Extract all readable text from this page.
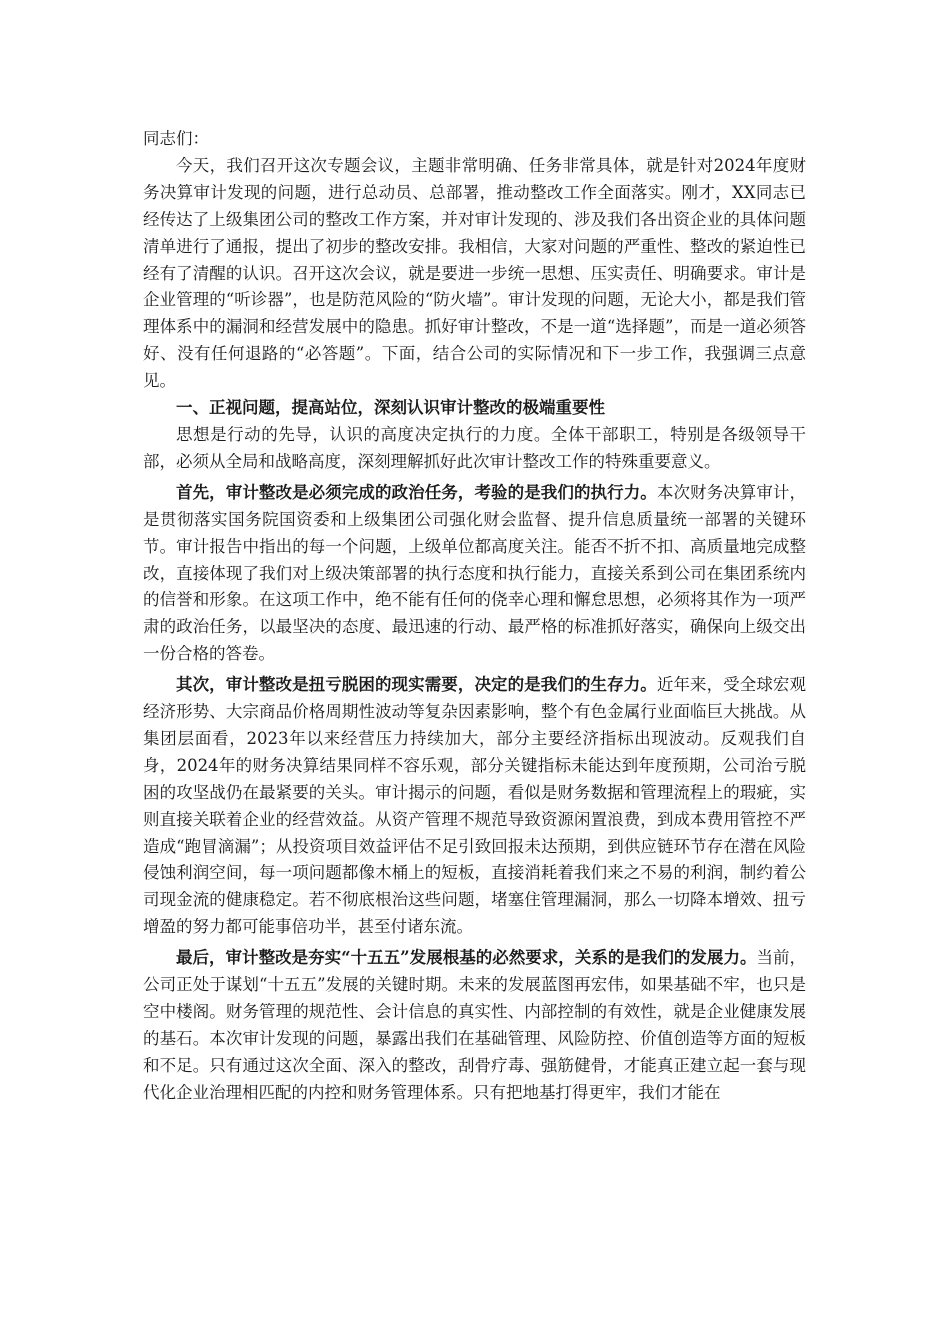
同志们：

今天，我们召开这次专题会议，主题非常明确、任务非常具体，就是针对2024年度财务决算审计发现的问题，进行总动员、总部署，推动整改工作全面落实。刚才，XX同志已经传达了上级集团公司的整改工作方案，并对审计发现的、涉及我们各出资企业的具体问题清单进行了通报，提出了初步的整改安排。我相信，大家对问题的严重性、整改的紧迫性已经有了清醒的认识。召开这次会议，就是要进一步统一思想、压实责任、明确要求。审计是企业管理的“听诊器”，也是防范风险的“防火墙”。审计发现的问题，无论大小，都是我们管理体系中的漏洞和经营发展中的隐患。抓好审计整改，不是一道“选择题”，而是一道必须答好、没有任何退路的“必答题”。下面，结合公司的实际情况和下一步工作，我强调三点意见。

一、正视问题，提高站位，深刻认识审计整改的极端重要性

思想是行动的先导，认识的高度决定执行的力度。全体干部职工，特别是各级领导干部，必须从全局和战略高度，深刻理解抓好此次审计整改工作的特殊重要意义。

首先，审计整改是必须完成的政治任务，考验的是我们的执行力。本次财务决算审计，是贯彻落实国务院国资委和上级集团公司强化财会监督、提升信息质量统一部署的关键环节。审计报告中指出的每一个问题，上级单位都高度关注。能否不折不扣、高质量地完成整改，直接体现了我们对上级决策部署的执行态度和执行能力，直接关系到公司在集团系统内的信誉和形象。在这项工作中，绝不能有任何的侥幸心理和懈怠思想，必须将其作为一项严肃的政治任务，以最坚决的态度、最迅速的行动、最严格的标准抓好落实，确保向上级交出一份合格的答卷。

其次，审计整改是扭亏脱困的现实需要，决定的是我们的生存力。近年来，受全球宏观经济形势、大宗商品价格周期性波动等复杂因素影响，整个有色金属行业面临巨大挑战。从集团层面看，2023年以来经营压力持续加大，部分主要经济指标出现波动。反观我们自身，2024年的财务决算结果同样不容乐观，部分关键指标未能达到年度预期，公司治亏脱困的攻坚战仍在最紧要的关头。审计揭示的问题，看似是财务数据和管理流程上的瑕疵，实则直接关联着企业的经营效益。从资产管理不规范导致资源闲置浪费，到成本费用管控不严造成“跑冒滴漏”；从投资项目效益评估不足引致回报未达预期，到供应链环节存在潜在风险侵蚀利润空间，每一项问题都像木桶上的短板，直接消耗着我们来之不易的利润，制约着公司现金流的健康稳定。若不彻底根治这些问题，堵塞住管理漏洞，那么一切降本增效、扭亏增盈的努力都可能事倍功半，甚至付诸东流。

最后，审计整改是夯实“十五五”发展根基的必然要求，关系的是我们的发展力。当前，公司正处于谋划“十五五”发展的关键时期。未来的发展蓝图再宏伟，如果基础不牢，也只是空中楼阁。财务管理的规范性、会计信息的真实性、内部控制的有效性，就是企业健康发展的基石。本次审计发现的问题，暴露出我们在基础管理、风险防控、价值创造等方面的短板和不足。只有通过这次全面、深入的整改，刮骨疗毒、强筋健骨，才能真正建立起一套与现代化企业治理相匹配的内控和财务管理体系。只有把地基打得更牢，我们才能在
